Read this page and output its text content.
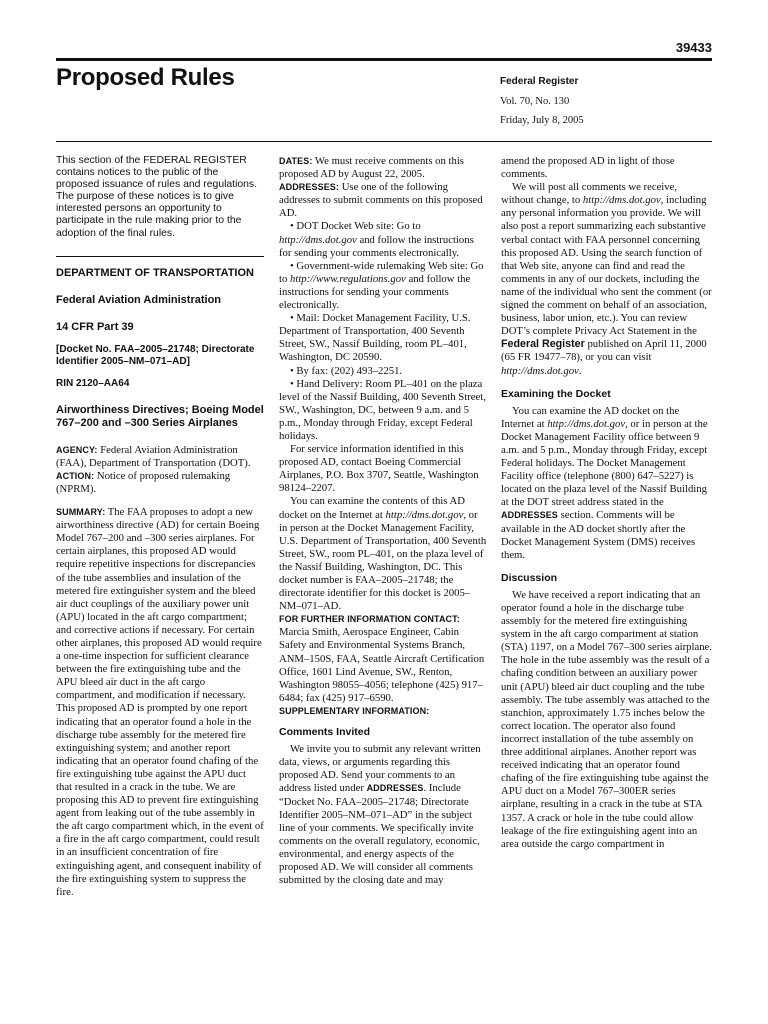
39433
Proposed Rules	Federal Register
Vol. 70, No. 130
Friday, July 8, 2005

This section of the FEDERAL REGISTER contains notices to the public of the proposed issuance of rules and regulations. The purpose of these notices is to give interested persons an opportunity to participate in the rule making prior to the adoption of the final rules.

DEPARTMENT OF TRANSPORTATION

Federal Aviation Administration

14 CFR Part 39

[Docket No. FAA–2005–21748; Directorate Identifier 2005–NM–071–AD]

RIN 2120–AA64

Airworthiness Directives; Boeing Model 767–200 and –300 Series Airplanes

AGENCY: Federal Aviation Administration (FAA), Department of Transportation (DOT).

ACTION: Notice of proposed rulemaking (NPRM).

SUMMARY: The FAA proposes to adopt a new airworthiness directive (AD) for certain Boeing Model 767–200 and –300 series airplanes. For certain airplanes, this proposed AD would require repetitive inspections for discrepancies of the tube assemblies and insulation of the metered fire extinguisher system and the bleed air duct couplings of the auxiliary power unit (APU) located in the aft cargo compartment; and corrective actions if necessary. For certain other airplanes, this proposed AD would require a one-time inspection for sufficient clearance between the fire extinguishing tube and the APU bleed air duct in the aft cargo compartment, and modification if necessary. This proposed AD is prompted by one report indicating that an operator found a hole in the discharge tube assembly for the metered fire extinguishing system; and another report indicating that an operator found chafing of the fire extinguishing tube against the APU duct that resulted in a crack in the tube. We are proposing this AD to prevent fire extinguishing agent from leaking out of the tube assembly in the aft cargo compartment which, in the event of a fire in the aft cargo compartment, could result in an insufficient concentration of fire extinguishing agent, and consequent inability of the fire extinguishing system to suppress the fire.

DATES: We must receive comments on this proposed AD by August 22, 2005.

ADDRESSES: Use one of the following addresses to submit comments on this proposed AD.

• DOT Docket Web site: Go to http://dms.dot.gov and follow the instructions for sending your comments electronically.

• Government-wide rulemaking Web site: Go to http://www.regulations.gov and follow the instructions for sending your comments electronically.

• Mail: Docket Management Facility, U.S. Department of Transportation, 400 Seventh Street, SW., Nassif Building, room PL–401, Washington, DC 20590.

• By fax: (202) 493–2251.

• Hand Delivery: Room PL–401 on the plaza level of the Nassif Building, 400 Seventh Street, SW., Washington, DC, between 9 a.m. and 5 p.m., Monday through Friday, except Federal holidays.

For service information identified in this proposed AD, contact Boeing Commercial Airplanes, P.O. Box 3707, Seattle, Washington 98124–2207.

You can examine the contents of this AD docket on the Internet at http://dms.dot.gov, or in person at the Docket Management Facility, U.S. Department of Transportation, 400 Seventh Street, SW., room PL–401, on the plaza level of the Nassif Building, Washington, DC. This docket number is FAA–2005–21748; the directorate identifier for this docket is 2005–NM–071–AD.

FOR FURTHER INFORMATION CONTACT:
Marcia Smith, Aerospace Engineer, Cabin Safety and Environmental Systems Branch, ANM–150S, FAA, Seattle Aircraft Certification Office, 1601 Lind Avenue, SW., Renton, Washington 98055–4056; telephone (425) 917–6484; fax (425) 917–6590.

SUPPLEMENTARY INFORMATION:

Comments Invited

We invite you to submit any relevant written data, views, or arguments regarding this proposed AD. Send your comments to an address listed under ADDRESSES. Include “Docket No. FAA–2005–21748; Directorate Identifier 2005–NM–071–AD” in the subject line of your comments. We specifically invite comments on the overall regulatory, economic, environmental, and energy aspects of the proposed AD. We will consider all comments submitted by the closing date and may

amend the proposed AD in light of those comments.

We will post all comments we receive, without change, to http://dms.dot.gov, including any personal information you provide. We will also post a report summarizing each substantive verbal contact with FAA personnel concerning this proposed AD. Using the search function of that Web site, anyone can find and read the comments in any of our dockets, including the name of the individual who sent the comment (or signed the comment on behalf of an association, business, labor union, etc.). You can review DOT’s complete Privacy Act Statement in the Federal Register published on April 11, 2000 (65 FR 19477–78), or you can visit http://dms.dot.gov.

Examining the Docket

You can examine the AD docket on the Internet at http://dms.dot.gov, or in person at the Docket Management Facility office between 9 a.m. and 5 p.m., Monday through Friday, except Federal holidays. The Docket Management Facility office (telephone (800) 647–5227) is located on the plaza level of the Nassif Building at the DOT street address stated in the ADDRESSES section. Comments will be available in the AD docket shortly after the Docket Management System (DMS) receives them.

Discussion

We have received a report indicating that an operator found a hole in the discharge tube assembly for the metered fire extinguishing system in the aft cargo compartment at station (STA) 1197, on a Model 767–300 series airplane. The hole in the tube assembly was the result of a chafing condition between an auxiliary power unit (APU) bleed air duct coupling and the tube assembly. The tube assembly was attached to the stanchion, approximately 1.75 inches below the correct location. The operator also found incorrect installation of the tube assembly on three additional airplanes. Another report was received indicating that an operator found chafing of the fire extinguishing tube against the APU duct on a Model 767–300ER series airplane, resulting in a crack in the tube at STA 1357. A crack or hole in the tube could allow leakage of the fire extinguishing agent into an area outside the cargo compartment in
